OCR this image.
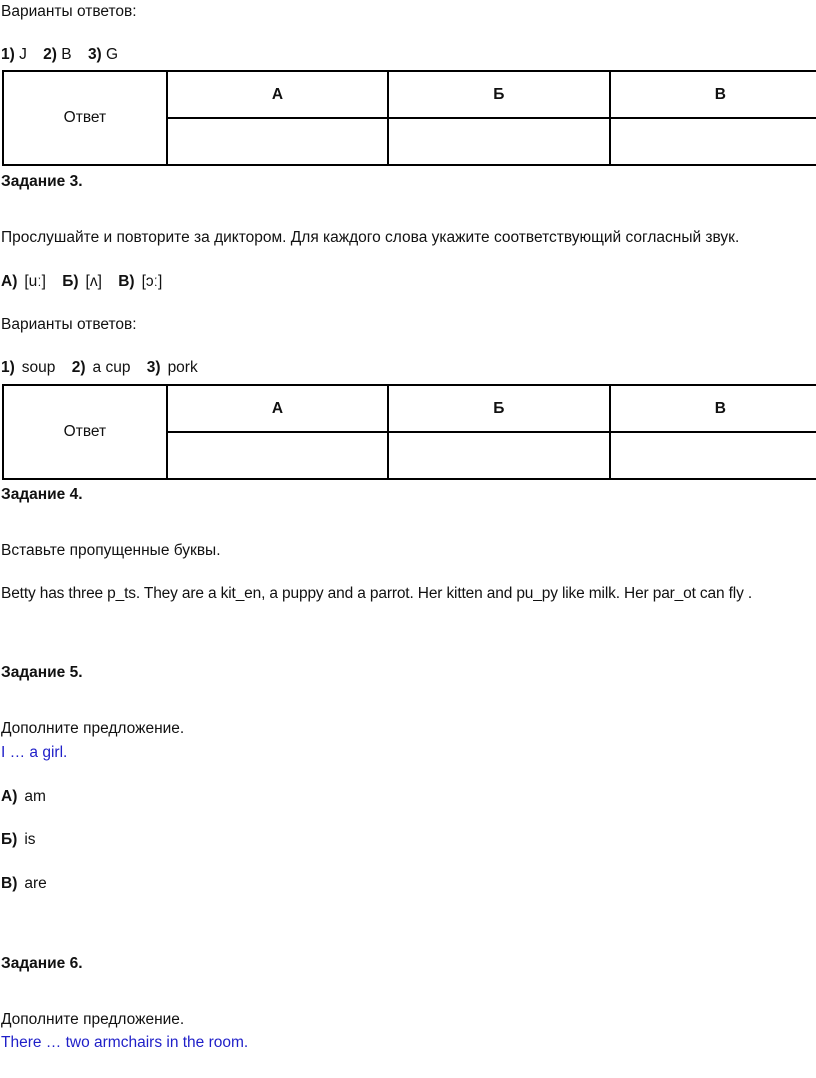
Варианты ответов:
1) J 2) B 3) G
Ответ	А	Б	В

Задание 3.
Прослушайте и повторите за диктором. Для каждого слова укажите соответствующий согласный звук.
А) [uː] Б) [ʌ] В) [ɔː]
Варианты ответов:
1) soup 2) a cup 3) pork
Ответ	А	Б	В

Задание 4.
Вставьте пропущенные буквы.
Betty has three p_ts. They are a kit_en, a puppy and a parrot. Her kitten and pu_py like milk. Her par_ot can fly .
Задание 5.
Дополните предложение.
I … a girl.
А) am
Б) is
В) are
Задание 6.
Дополните предложение.
There … two armchairs in the room.
